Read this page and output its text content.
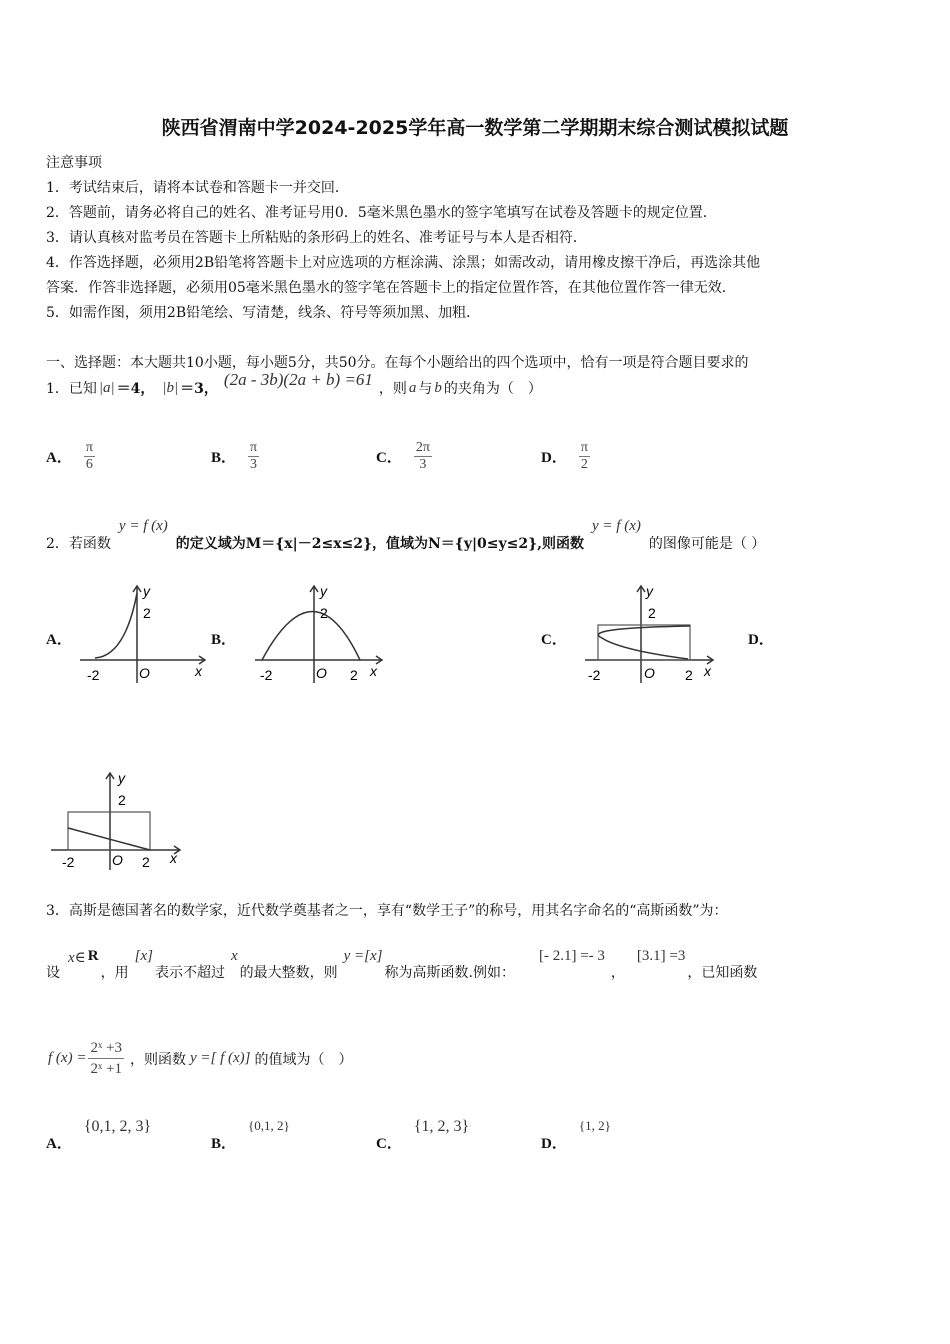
陕西省渭南中学2024-2025学年高一数学第二学期期末综合测试模拟试题
注意事项
1．考试结束后，请将本试卷和答题卡一并交回．
2．答题前，请务必将自己的姓名、准考证号用0．5毫米黑色墨水的签字笔填写在试卷及答题卡的规定位置．
3．请认真核对监考员在答题卡上所粘贴的条形码上的姓名、准考证号与本人是否相符．
4．作答选择题，必须用2B铅笔将答题卡上对应选项的方框涂满、涂黑；如需改动，请用橡皮擦干净后，再选涂其他
答案．作答非选择题，必须用05毫米黑色墨水的签字笔在答题卡上的指定位置作答，在其他位置作答一律无效．
5．如需作图，须用2B铅笔绘、写清楚，线条、符号等须加黑、加粗．
一、选择题：本大题共10小题，每小题5分，共50分。在每个小题给出的四个选项中，恰有一项是符合题目要求的
1．已知 |a| ＝4， |b| ＝3， (2a - 3b)(2a + b) =61 ，则 a 与 b 的夹角为（　）
A． $\frac{\pi}{6}$	B． $\frac{\pi}{3}$	C． $\frac{2\pi}{3}$	D． $\frac{\pi}{2}$
2．若函数
y = f (x)
的定义域为M＝{x|－2≤x≤2}，值域为N＝{y|0≤y≤2},则函数
y = f (x)
的图像可能是（ ）
A．	B．	C．	D．
y
2
-2	O	x
y
2
-2	O 2 x
y
2
-2	O 2 x
y
2
-2	O 2 x
3．高斯是德国著名的数学家，近代数学奠基者之一，享有“数学王子”的称号，用其名字命名的“高斯函数”为：
设
x∈ R
，用
[x]
表示不超过
x
的最大整数，则
y =[x]
称为高斯函数.例如：
[- 2.1] =- 3
，
[3.1] =3
，已知函数
f $(x) = \frac{\text{2ˣ +3}}{\text{2ˣ +1}}$ ，则函数 y =[ f (x)] 的值域为（　）
A．
{0,1, 2, 3}
B．
{0,1, 2}
C．
{1, 2, 3}
D．
{1, 2}
